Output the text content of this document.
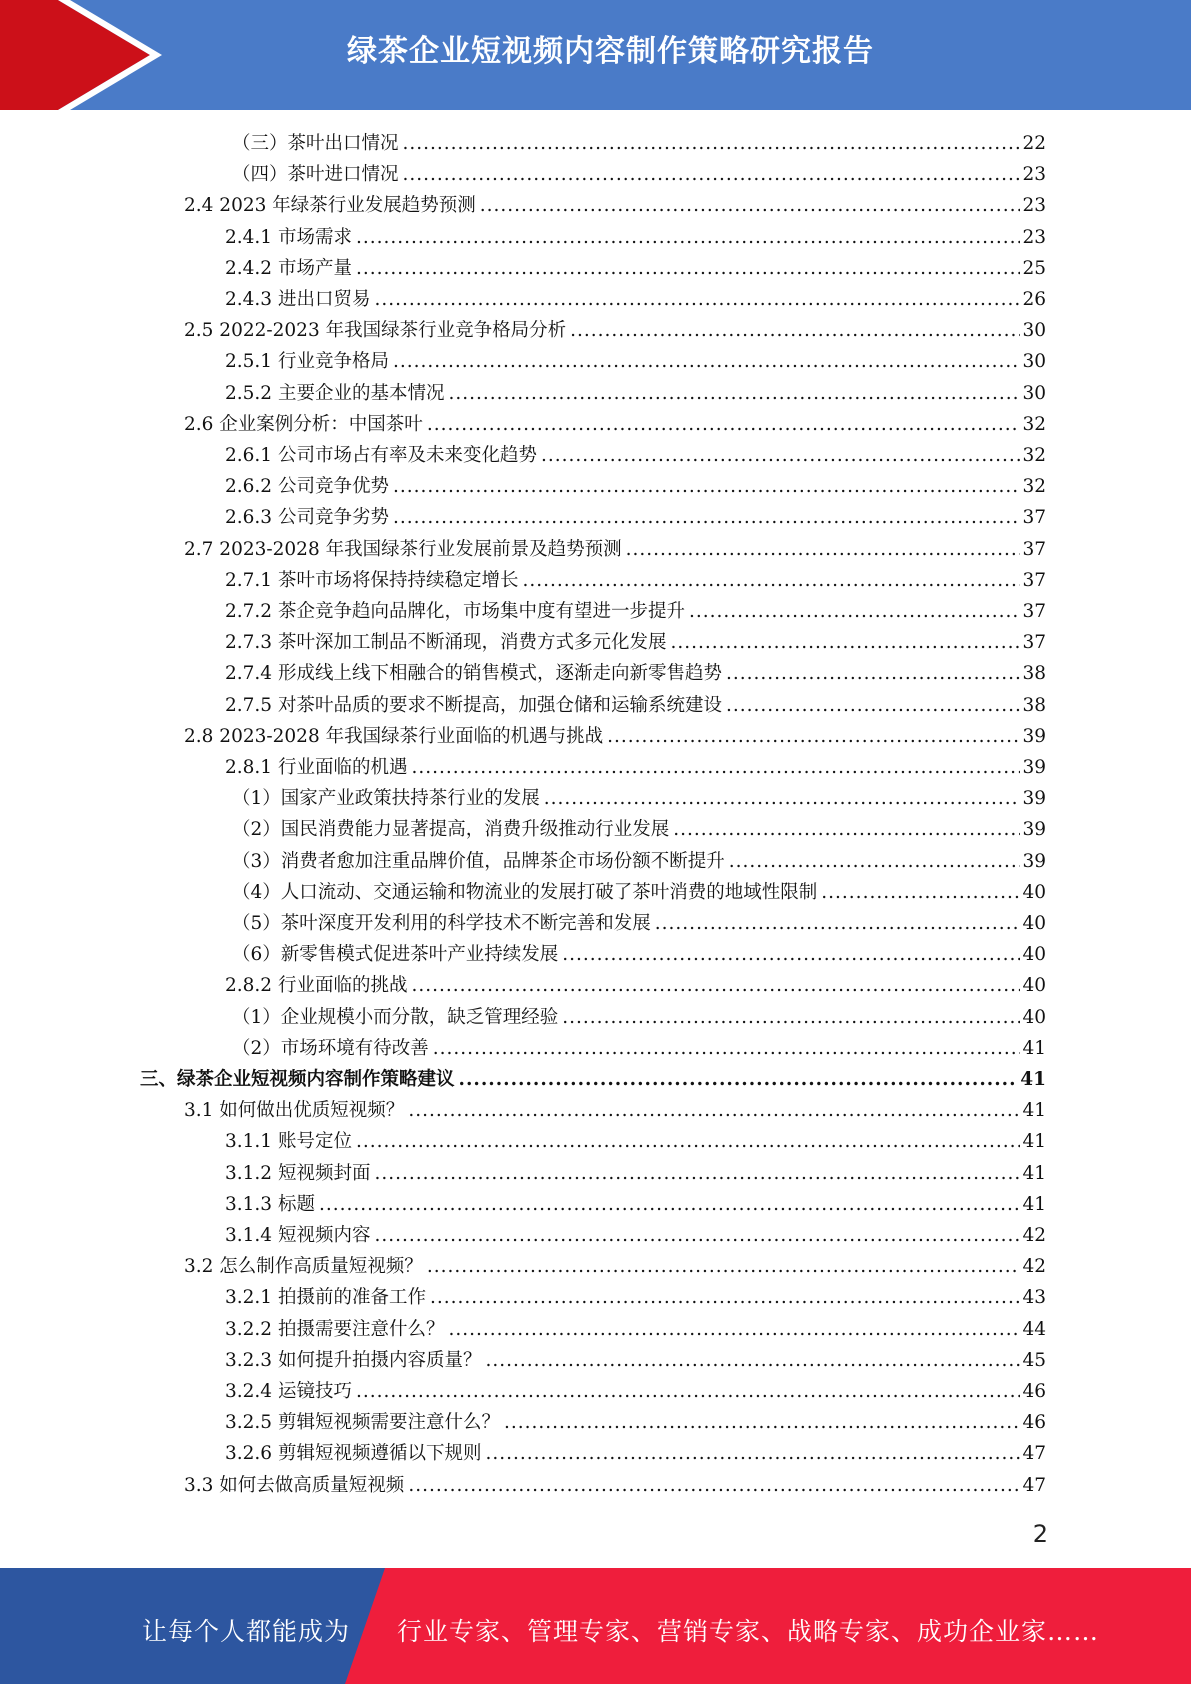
绿茶企业短视频内容制作策略研究报告
（三）茶叶出口情况 .....	22
（四）茶叶进口情况 .....	23
2.4 2023 年绿茶行业发展趋势预测 .....	23
2.4.1 市场需求 .....	23
2.4.2 市场产量 .....	25
2.4.3 进出口贸易 .....	26
2.5 2022-2023 年我国绿茶行业竞争格局分析 .....	30
2.5.1 行业竞争格局 .....	30
2.5.2 主要企业的基本情况 .....	30
2.6 企业案例分析：中国茶叶 .....	32
2.6.1 公司市场占有率及未来变化趋势 .....	32
2.6.2 公司竞争优势 .....	32
2.6.3 公司竞争劣势 .....	37
2.7 2023-2028 年我国绿茶行业发展前景及趋势预测 .....	37
2.7.1 茶叶市场将保持持续稳定增长 .....	37
2.7.2 茶企竞争趋向品牌化，市场集中度有望进一步提升 .....	37
2.7.3 茶叶深加工制品不断涌现，消费方式多元化发展 .....	37
2.7.4 形成线上线下相融合的销售模式，逐渐走向新零售趋势 .....	38
2.7.5 对茶叶品质的要求不断提高，加强仓储和运输系统建设 .....	38
2.8 2023-2028 年我国绿茶行业面临的机遇与挑战 .....	39
2.8.1 行业面临的机遇 .....	39
（1）国家产业政策扶持茶行业的发展 .....	39
（2）国民消费能力显著提高，消费升级推动行业发展 .....	39
（3）消费者愈加注重品牌价值，品牌茶企市场份额不断提升 .....	39
（4）人口流动、交通运输和物流业的发展打破了茶叶消费的地域性限制 .....	40
（5）茶叶深度开发利用的科学技术不断完善和发展 .....	40
（6）新零售模式促进茶叶产业持续发展 .....	40
2.8.2 行业面临的挑战 .....	40
（1）企业规模小而分散，缺乏管理经验 .....	40
（2）市场环境有待改善 .....	41
三、绿茶企业短视频内容制作策略建议 .....	41
3.1 如何做出优质短视频？ .....	41
3.1.1 账号定位 .....	41
3.1.2 短视频封面 .....	41
3.1.3 标题 .....	41
3.1.4 短视频内容 .....	42
3.2 怎么制作高质量短视频？ .....	42
3.2.1 拍摄前的准备工作 .....	43
3.2.2 拍摄需要注意什么？ .....	44
3.2.3 如何提升拍摄内容质量？ .....	45
3.2.4 运镜技巧 .....	46
3.2.5 剪辑短视频需要注意什么？ .....	46
3.2.6 剪辑短视频遵循以下规则 .....	47
3.3 如何去做高质量短视频 .....	47
2
让每个人都能成为 行业专家、管理专家、营销专家、战略专家、成功企业家……
